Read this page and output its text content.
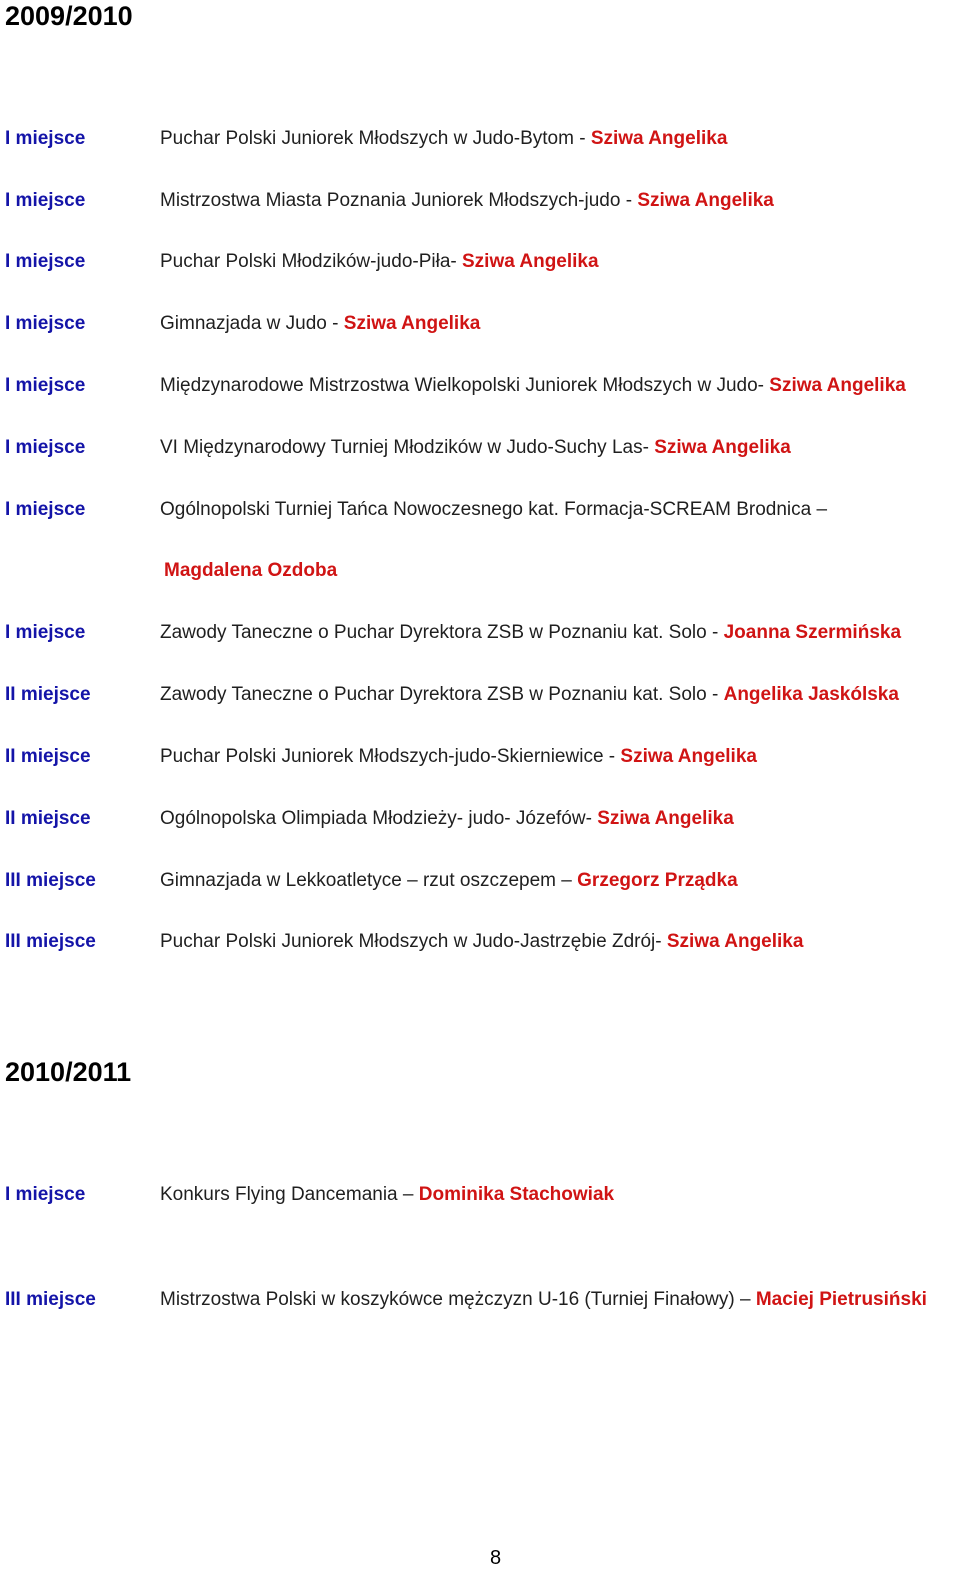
2009/2010
I miejsce	Puchar Polski Juniorek Młodszych w Judo-Bytom - Sziwa Angelika
I miejsce	Mistrzostwa Miasta Poznania Juniorek Młodszych-judo - Sziwa Angelika
I miejsce	Puchar Polski Młodzików-judo-Piła- Sziwa Angelika
I miejsce	Gimnazjada w Judo - Sziwa Angelika
I miejsce	Międzynarodowe Mistrzostwa Wielkopolski Juniorek Młodszych w Judo- Sziwa Angelika
I miejsce	VI Międzynarodowy Turniej Młodzików w Judo-Suchy Las- Sziwa Angelika
I miejsce	Ogólnopolski Turniej Tańca Nowoczesnego kat. Formacja-SCREAM Brodnica –
Magdalena Ozdoba
I miejsce	Zawody Taneczne o Puchar Dyrektora ZSB w Poznaniu kat. Solo - Joanna Szermińska
II miejsce	Zawody Taneczne o Puchar Dyrektora ZSB w Poznaniu kat. Solo - Angelika Jaskólska
II miejsce	Puchar Polski Juniorek Młodszych-judo-Skierniewice - Sziwa Angelika
II miejsce	Ogólnopolska Olimpiada Młodzieży- judo- Józefów- Sziwa Angelika
III miejsce	Gimnazjada w Lekkoatletyce – rzut oszczepem – Grzegorz Prządka
III miejsce	Puchar Polski Juniorek Młodszych w Judo-Jastrzębie Zdrój- Sziwa Angelika
2010/2011
I miejsce	Konkurs Flying Dancemania – Dominika Stachowiak
III miejsce	Mistrzostwa Polski w koszykówce mężczyzn U-16 (Turniej Finałowy) – Maciej Pietrusiński
8
